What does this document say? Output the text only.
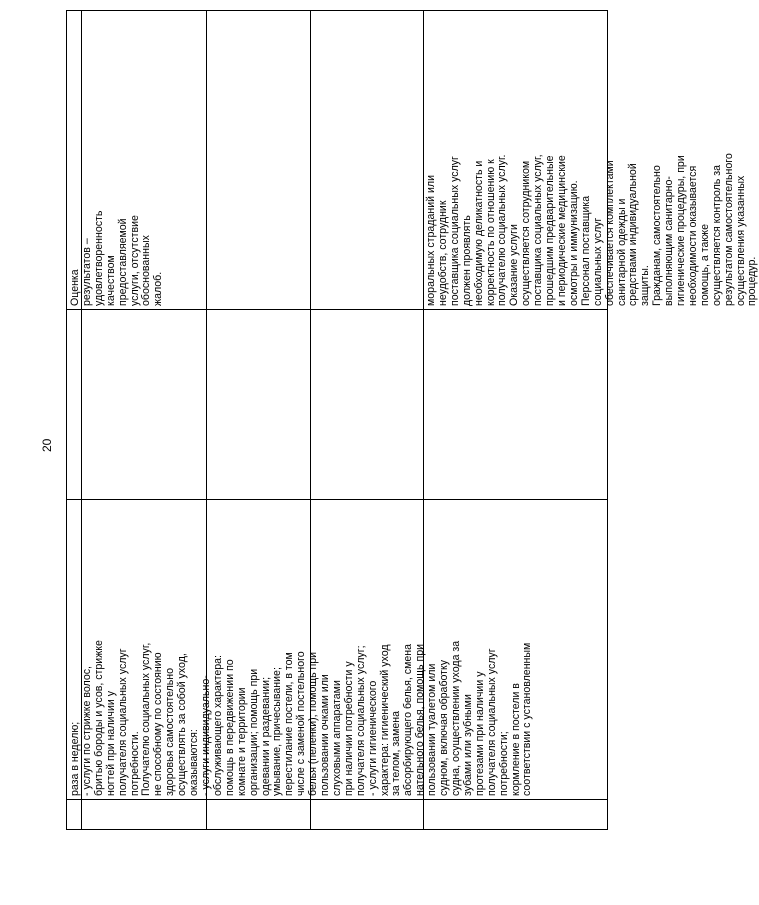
20
раза в неделю; - услуги по стрижке волос, бритью бороды и усов, стрижке ногтей при наличии у получателя социальных услуг потребности. Получателю социальных услуг, не способному по состоянию здоровья самостоятельно осуществлять за собой уход, оказываются: - услуги индивидуально- обслуживающего характера: помощь в передвижении по комнате и территории организации; помощь при одевании и раздевании; умывание, причесывание; перестилание постели, в том числе с заменой постельного белья (пеленки); помощь при пользовании очками или слуховыми аппаратами при наличии потребности у получателя социальных услуг; - услуги гигиенического характера: гигиенический уход за телом, замена абсорбирующего белья, смена нательного белья, помощь при пользовании туалетом или судном, включая обработку судна, осуществлении ухода за зубами или зубными протезами при наличии у получателя социальных услуг потребности; кормление в постели в соответствии с установленным
Оценка результатов – удовлетворенность качеством предоставляемой услуги, отсутствие обоснованных жалоб.	моральных страданий или неудобств, сотрудник поставщика социальных услуг должен проявлять необходимую деликатность и корректность по отношению к получателю социальных услуг. Оказание услуги осуществляется сотрудником поставщика социальных услуг, прошедшим предварительные и периодические медицинские осмотры и иммунизацию. Персонал поставщика социальных услуг обеспечивается комплектами санитарной одежды и средствами индивидуальной защиты. Гражданам, самостоятельно выполняющим санитарно- гигиенические процедуры, при необходимости оказывается помощь, а также осуществляется контроль за результатом самостоятельного осуществления указанных процедур.
